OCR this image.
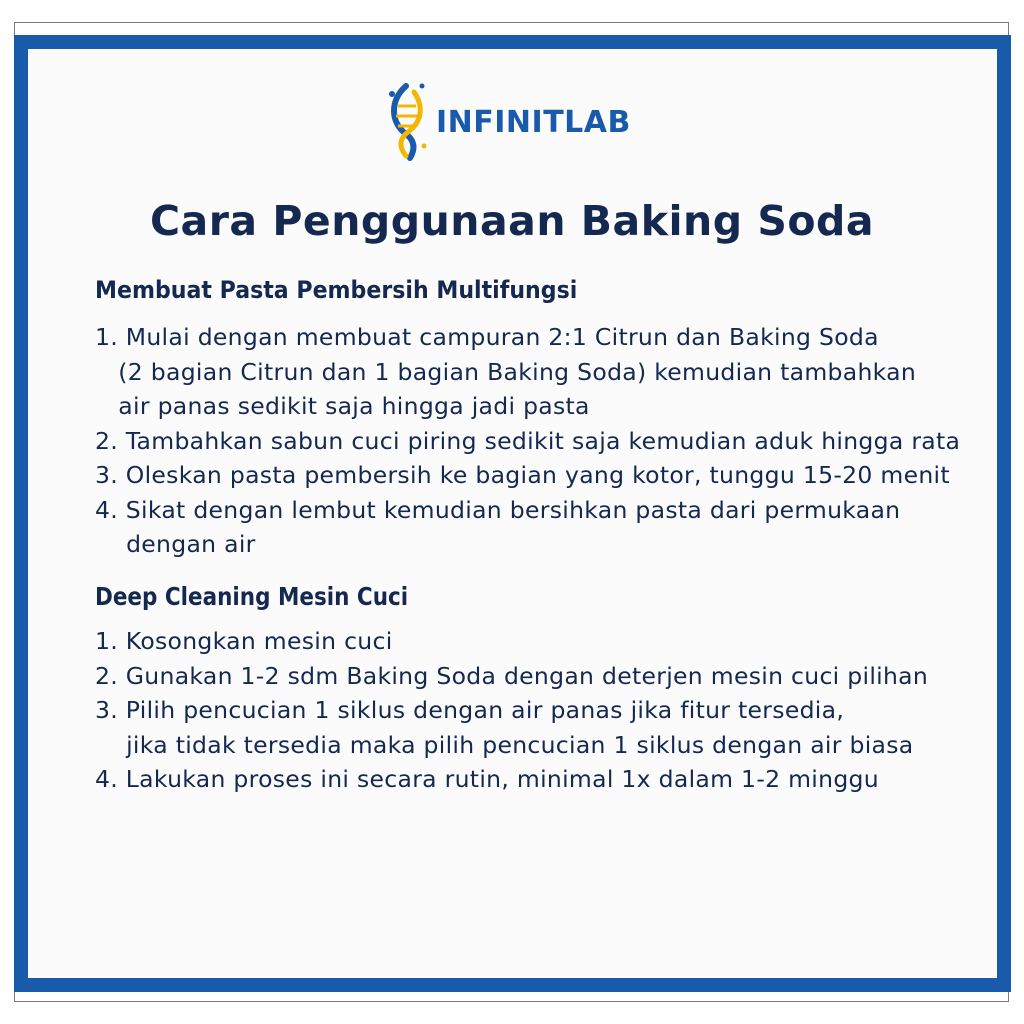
INFINITLAB
Cara Penggunaan Baking Soda
Membuat Pasta Pembersih Multifungsi
1. Mulai dengan membuat campuran 2:1 Citrun dan Baking Soda
(2 bagian Citrun dan 1 bagian Baking Soda) kemudian tambahkan
air panas sedikit saja hingga jadi pasta
2. Tambahkan sabun cuci piring sedikit saja kemudian aduk hingga rata
3. Oleskan pasta pembersih ke bagian yang kotor, tunggu 15-20 menit
4. Sikat dengan lembut kemudian bersihkan pasta dari permukaan
dengan air
Deep Cleaning Mesin Cuci
1. Kosongkan mesin cuci
2. Gunakan 1-2 sdm Baking Soda dengan deterjen mesin cuci pilihan
3. Pilih pencucian 1 siklus dengan air panas jika fitur tersedia,
jika tidak tersedia maka pilih pencucian 1 siklus dengan air biasa
4. Lakukan proses ini secara rutin, minimal 1x dalam 1-2 minggu
